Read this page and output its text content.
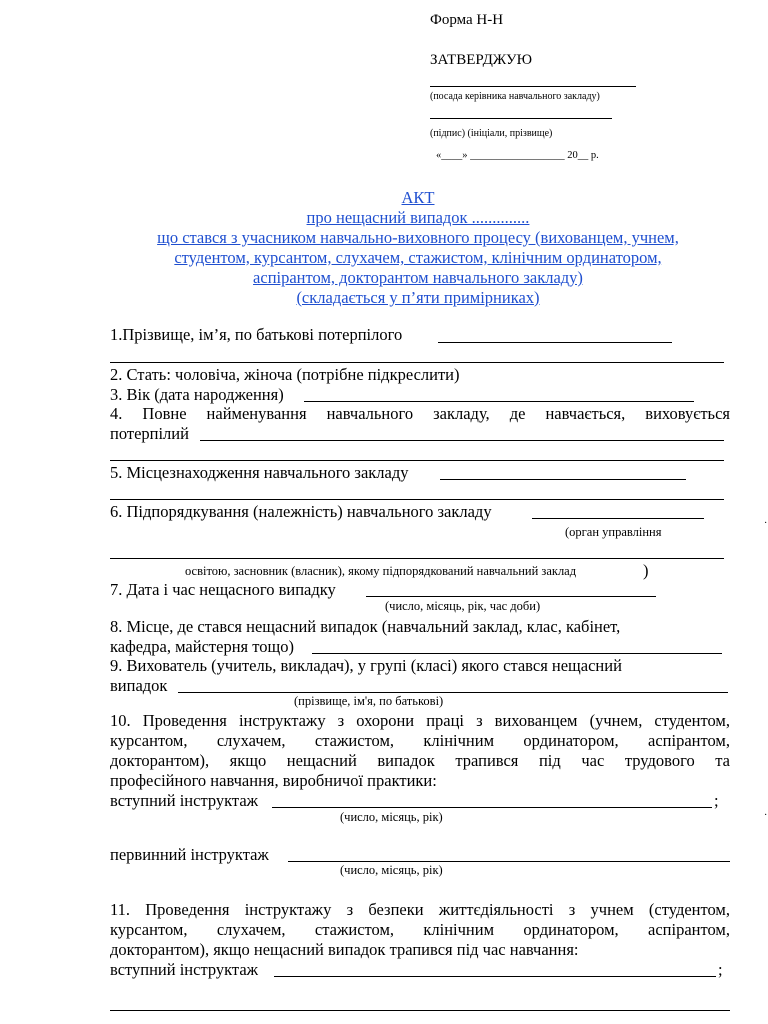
Форма Н-Н
ЗАТВЕРДЖУЮ
(посада керівника навчального закладу)
(підпис) (ініціали, прізвище)
«____» __________________ 20__ р.
АКТ
про нещасний випадок ..............
що стався з учасником навчально-виховного процесу (вихованцем, учнем,
студентом, курсантом, слухачем, стажистом, клінічним ординатором,
аспірантом, докторантом навчального закладу)
(складається у п’яти примірниках)
1.Прізвище, ім’я, по батькові потерпілого
2. Стать: чоловіча, жіноча (потрібне підкреслити)
3. Вік (дата народження)
4. Повне найменування навчального закладу, де навчається, виховується
потерпілий
5. Місцезнаходження навчального закладу
6. Підпорядкування (належність) навчального закладу
(орган управління
освітою, засновник (власник), якому підпорядкований навчальний заклад	)
7. Дата і час нещасного випадку
(число, місяць, рік, час доби)
8. Місце, де стався нещасний випадок (навчальний заклад, клас, кабінет,
кафедра, майстерня тощо)
9. Вихователь (учитель, викладач), у групі (класі) якого стався нещасний
випадок
(прізвище, ім'я, по батькові)
10. Проведення інструктажу з охорони праці з вихованцем (учнем, студентом,
курсантом, слухачем, стажистом, клінічним ординатором, аспірантом,
докторантом), якщо нещасний випадок трапився під час трудового та
професійного навчання, виробничої практики:
вступний інструктаж	;
(число, місяць, рік)
первинний інструктаж
(число, місяць, рік)
11. Проведення інструктажу з безпеки життєдіяльності з учнем (студентом,
курсантом, слухачем, стажистом, клінічним ординатором, аспірантом,
докторантом), якщо нещасний випадок трапився під час навчання:
вступний інструктаж	;
·
·
